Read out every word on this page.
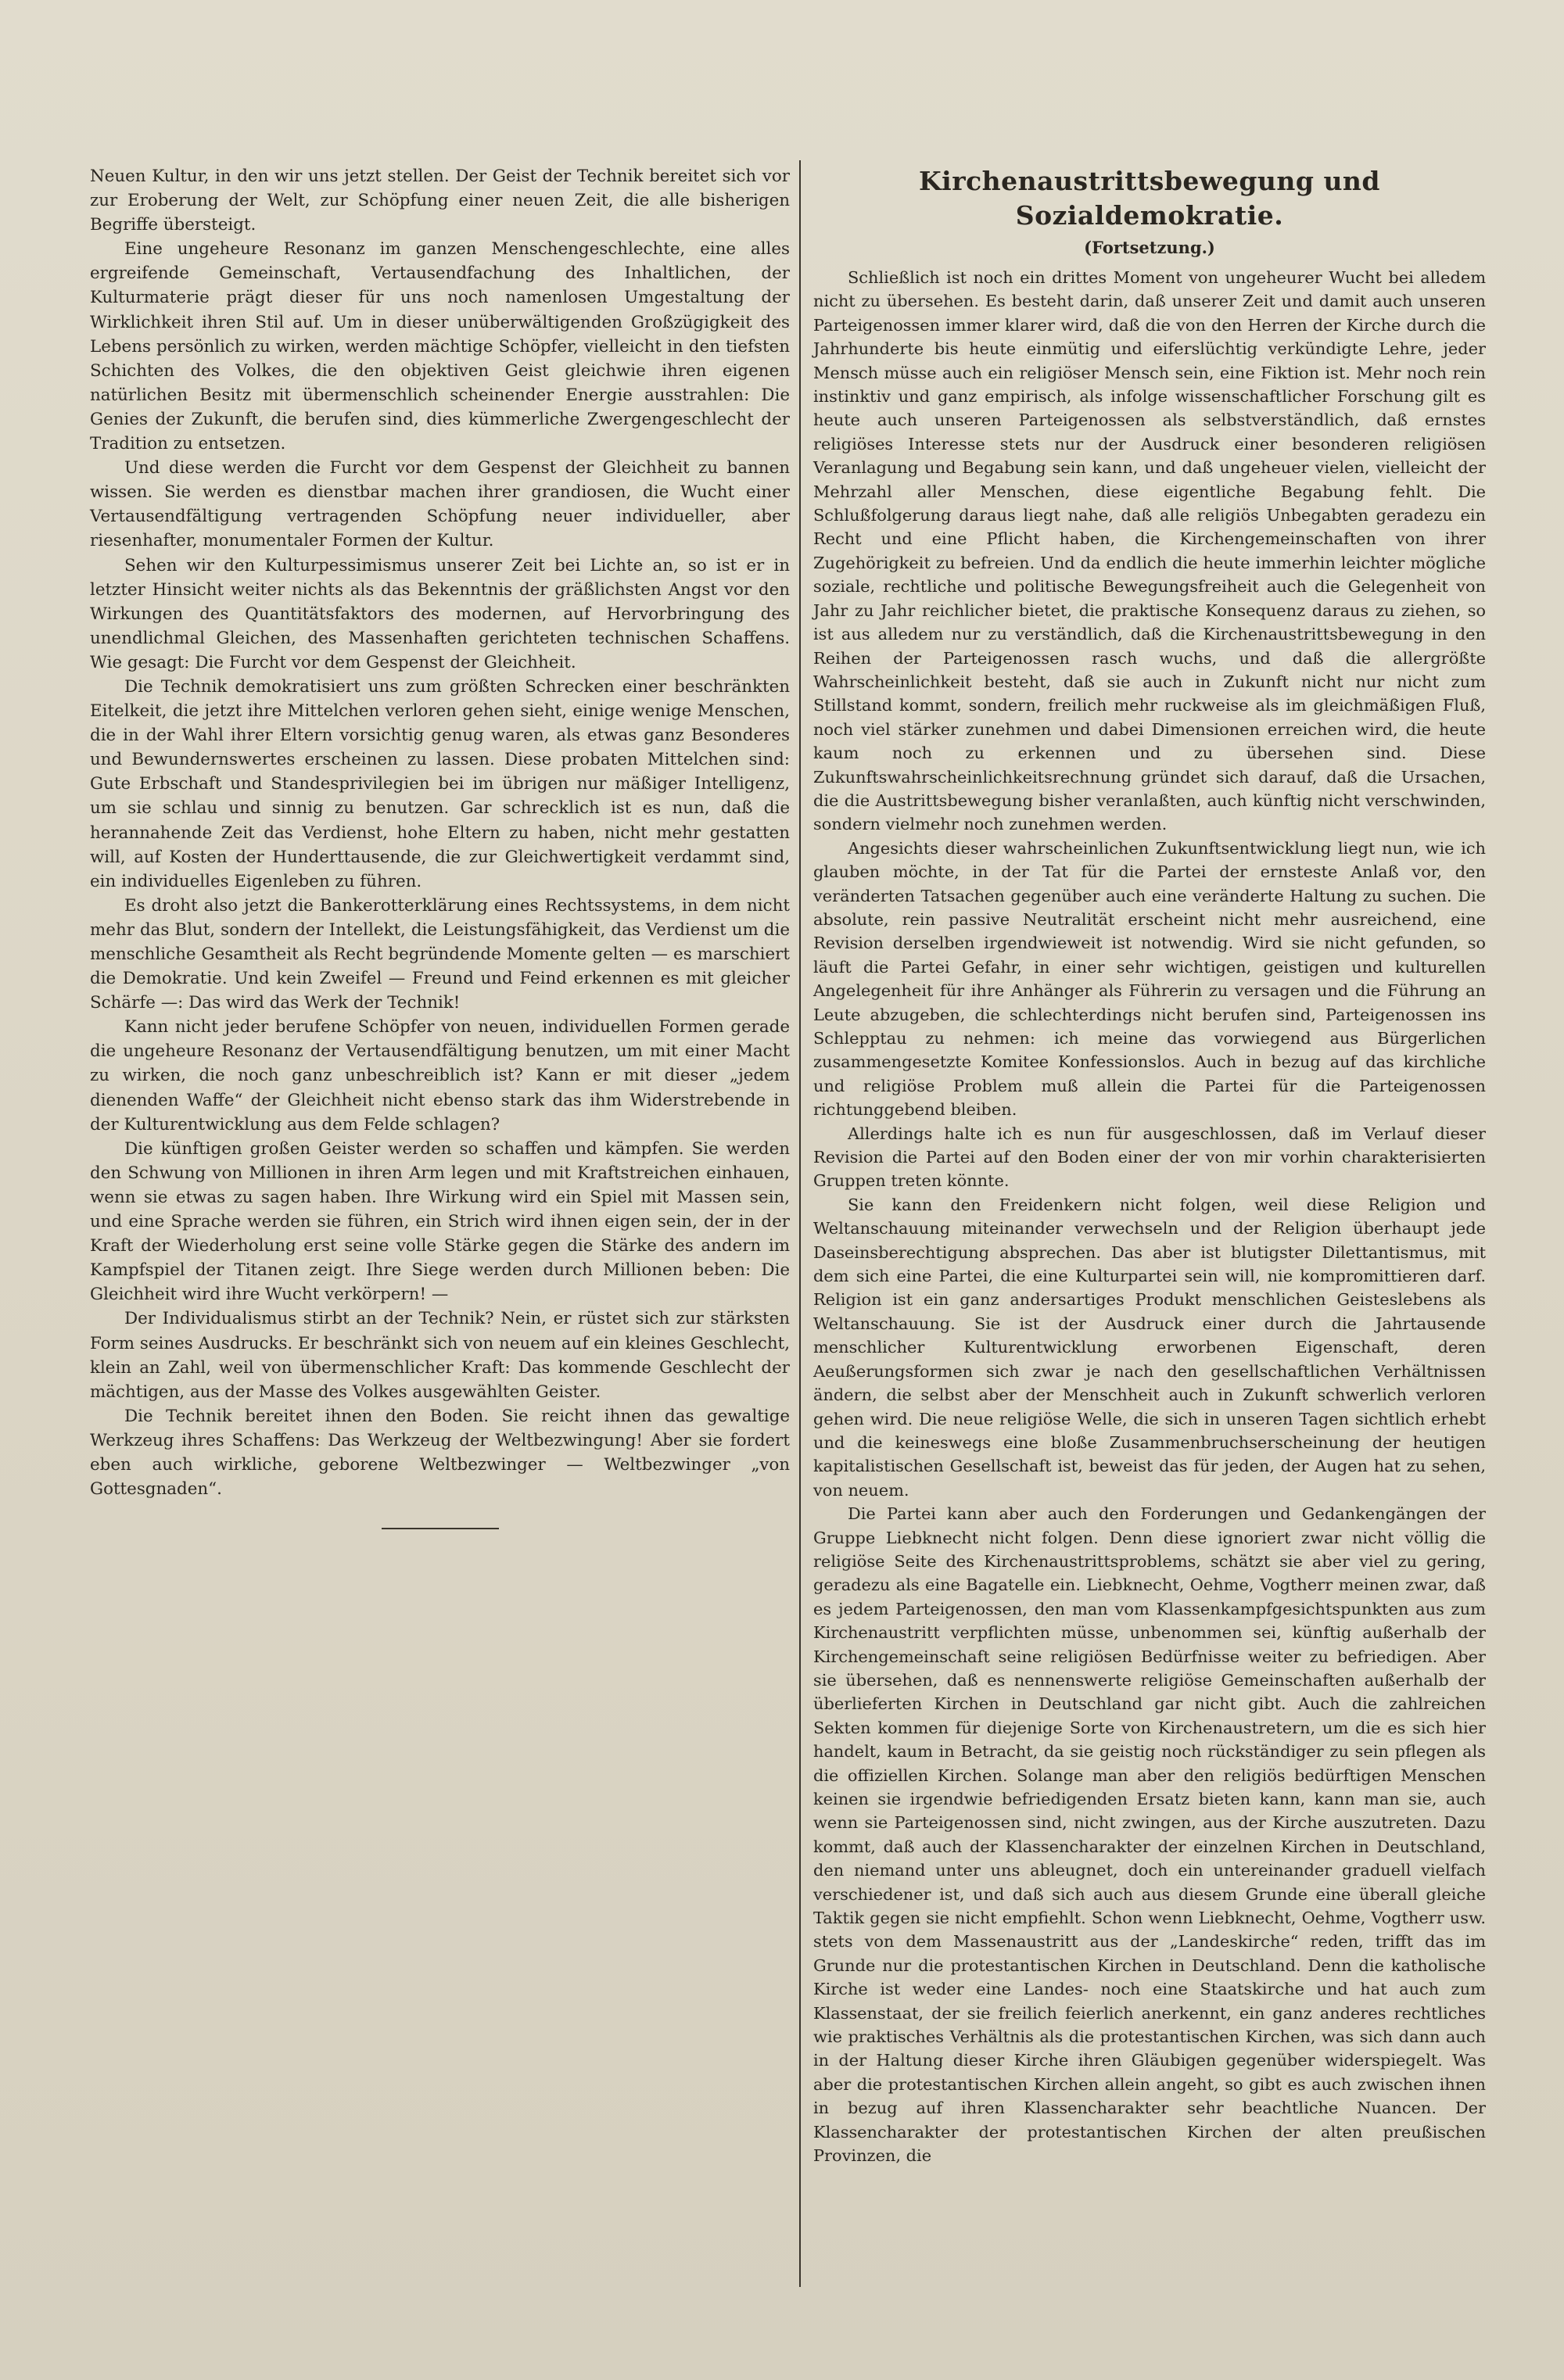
Neuen Kultur, in den wir uns jetzt stellen. Der Geist der Technik bereitet sich vor zur Eroberung der Welt, zur Schöpfung einer neuen Zeit, die alle bisherigen Begriffe übersteigt.

Eine ungeheure Resonanz im ganzen Menschengeschlechte, eine alles ergreifende Gemeinschaft, Vertausendfachung des Inhaltlichen, der Kulturmaterie prägt dieser für uns noch namenlosen Umgestaltung der Wirklichkeit ihren Stil auf. Um in dieser unüberwältigenden Großzügigkeit des Lebens persönlich zu wirken, werden mächtige Schöpfer, vielleicht in den tiefsten Schichten des Volkes, die den objektiven Geist gleichwie ihren eigenen natürlichen Besitz mit übermenschlich scheinender Energie ausstrahlen: Die Genies der Zukunft, die berufen sind, dies kümmerliche Zwergengeschlecht der Tradition zu entsetzen.

Und diese werden die Furcht vor dem Gespenst der Gleichheit zu bannen wissen. Sie werden es dienstbar machen ihrer grandiosen, die Wucht einer Vertausendfältigung vertragenden Schöpfung neuer individueller, aber riesenhafter, monumentaler Formen der Kultur.

Sehen wir den Kulturpessimismus unserer Zeit bei Lichte an, so ist er in letzter Hinsicht weiter nichts als das Bekenntnis der gräßlichsten Angst vor den Wirkungen des Quantitätsfaktors des modernen, auf Hervorbringung des unendlichmal Gleichen, des Massenhaften gerichteten technischen Schaffens. Wie gesagt: Die Furcht vor dem Gespenst der Gleichheit.

Die Technik demokratisiert uns zum größten Schrecken einer beschränkten Eitelkeit, die jetzt ihre Mittelchen verloren gehen sieht, einige wenige Menschen, die in der Wahl ihrer Eltern vorsichtig genug waren, als etwas ganz Besonderes und Bewundernswertes erscheinen zu lassen. Diese probaten Mittelchen sind: Gute Erbschaft und Standesprivilegien bei im übrigen nur mäßiger Intelligenz, um sie schlau und sinnig zu benutzen. Gar schrecklich ist es nun, daß die herannahende Zeit das Verdienst, hohe Eltern zu haben, nicht mehr gestatten will, auf Kosten der Hunderttausende, die zur Gleichwertigkeit verdammt sind, ein individuelles Eigenleben zu führen.

Es droht also jetzt die Bankerotterklärung eines Rechtssystems, in dem nicht mehr das Blut, sondern der Intellekt, die Leistungsfähigkeit, das Verdienst um die menschliche Gesamtheit als Recht begründende Momente gelten — es marschiert die Demokratie. Und kein Zweifel — Freund und Feind erkennen es mit gleicher Schärfe —: Das wird das Werk der Technik!

Kann nicht jeder berufene Schöpfer von neuen, individuellen Formen gerade die ungeheure Resonanz der Vertausendfältigung benutzen, um mit einer Macht zu wirken, die noch ganz unbeschreiblich ist? Kann er mit dieser „jedem dienenden Waffe“ der Gleichheit nicht ebenso stark das ihm Widerstrebende in der Kulturentwicklung aus dem Felde schlagen?

Die künftigen großen Geister werden so schaffen und kämpfen. Sie werden den Schwung von Millionen in ihren Arm legen und mit Kraftstreichen einhauen, wenn sie etwas zu sagen haben. Ihre Wirkung wird ein Spiel mit Massen sein, und eine Sprache werden sie führen, ein Strich wird ihnen eigen sein, der in der Kraft der Wiederholung erst seine volle Stärke gegen die Stärke des andern im Kampfspiel der Titanen zeigt. Ihre Siege werden durch Millionen beben: Die Gleichheit wird ihre Wucht verkörpern! —

Der Individualismus stirbt an der Technik? Nein, er rüstet sich zur stärksten Form seines Ausdrucks. Er beschränkt sich von neuem auf ein kleines Geschlecht, klein an Zahl, weil von übermenschlicher Kraft: Das kommende Geschlecht der mächtigen, aus der Masse des Volkes ausgewählten Geister.

Die Technik bereitet ihnen den Boden. Sie reicht ihnen das gewaltige Werkzeug ihres Schaffens: Das Werkzeug der Weltbezwingung! Aber sie fordert eben auch wirkliche, geborene Weltbezwinger — Weltbezwinger „von Gottesgnaden“.

Kirchenaustrittsbewegung und Sozialdemokratie.
(Fortsetzung.)

Schließlich ist noch ein drittes Moment von ungeheurer Wucht bei alledem nicht zu übersehen. Es besteht darin, daß unserer Zeit und damit auch unseren Parteigenossen immer klarer wird, daß die von den Herren der Kirche durch die Jahrhunderte bis heute einmütig und eiferslüchtig verkündigte Lehre, jeder Mensch müsse auch ein religiöser Mensch sein, eine Fiktion ist. Mehr noch rein instinktiv und ganz empirisch, als infolge wissenschaftlicher Forschung gilt es heute auch unseren Parteigenossen als selbstverständlich, daß ernstes religiöses Interesse stets nur der Ausdruck einer besonderen religiösen Veranlagung und Begabung sein kann, und daß ungeheuer vielen, vielleicht der Mehrzahl aller Menschen, diese eigentliche Begabung fehlt. Die Schlußfolgerung daraus liegt nahe, daß alle religiös Unbegabten geradezu ein Recht und eine Pflicht haben, die Kirchengemeinschaften von ihrer Zugehörigkeit zu befreien. Und da endlich die heute immerhin leichter mögliche soziale, rechtliche und politische Bewegungsfreiheit auch die Gelegenheit von Jahr zu Jahr reichlicher bietet, die praktische Konsequenz daraus zu ziehen, so ist aus alledem nur zu verständlich, daß die Kirchenaustrittsbewegung in den Reihen der Parteigenossen rasch wuchs, und daß die allergrößte Wahrscheinlichkeit besteht, daß sie auch in Zukunft nicht nur nicht zum Stillstand kommt, sondern, freilich mehr ruckweise als im gleichmäßigen Fluß, noch viel stärker zunehmen und dabei Dimensionen erreichen wird, die heute kaum noch zu erkennen und zu übersehen sind. Diese Zukunftswahrscheinlichkeitsrechnung gründet sich darauf, daß die Ursachen, die die Austrittsbewegung bisher veranlaßten, auch künftig nicht verschwinden, sondern vielmehr noch zunehmen werden.

Angesichts dieser wahrscheinlichen Zukunftsentwicklung liegt nun, wie ich glauben möchte, in der Tat für die Partei der ernsteste Anlaß vor, den veränderten Tatsachen gegenüber auch eine veränderte Haltung zu suchen. Die absolute, rein passive Neutralität erscheint nicht mehr ausreichend, eine Revision derselben irgendwieweit ist notwendig. Wird sie nicht gefunden, so läuft die Partei Gefahr, in einer sehr wichtigen, geistigen und kulturellen Angelegenheit für ihre Anhänger als Führerin zu versagen und die Führung an Leute abzugeben, die schlechterdings nicht berufen sind, Parteigenossen ins Schlepptau zu nehmen: ich meine das vorwiegend aus Bürgerlichen zusammengesetzte Komitee Konfessionslos. Auch in bezug auf das kirchliche und religiöse Problem muß allein die Partei für die Parteigenossen richtunggebend bleiben.

Allerdings halte ich es nun für ausgeschlossen, daß im Verlauf dieser Revision die Partei auf den Boden einer der von mir vorhin charakterisierten Gruppen treten könnte.

Sie kann den Freidenkern nicht folgen, weil diese Religion und Weltanschauung miteinander verwechseln und der Religion überhaupt jede Daseinsberechtigung absprechen. Das aber ist blutigster Dilettantismus, mit dem sich eine Partei, die eine Kulturpartei sein will, nie kompromittieren darf. Religion ist ein ganz andersartiges Produkt menschlichen Geisteslebens als Weltanschauung. Sie ist der Ausdruck einer durch die Jahrtausende menschlicher Kulturentwicklung erworbenen Eigenschaft, deren Aeußerungsformen sich zwar je nach den gesellschaftlichen Verhältnissen ändern, die selbst aber der Menschheit auch in Zukunft schwerlich verloren gehen wird. Die neue religiöse Welle, die sich in unseren Tagen sichtlich erhebt und die keineswegs eine bloße Zusammenbruchserscheinung der heutigen kapitalistischen Gesellschaft ist, beweist das für jeden, der Augen hat zu sehen, von neuem.

Die Partei kann aber auch den Forderungen und Gedankengängen der Gruppe Liebknecht nicht folgen. Denn diese ignoriert zwar nicht völlig die religiöse Seite des Kirchenaustrittsproblems, schätzt sie aber viel zu gering, geradezu als eine Bagatelle ein. Liebknecht, Oehme, Vogtherr meinen zwar, daß es jedem Parteigenossen, den man vom Klassenkampfgesichtspunkten aus zum Kirchenaustritt verpflichten müsse, unbenommen sei, künftig außerhalb der Kirchengemeinschaft seine religiösen Bedürfnisse weiter zu befriedigen. Aber sie übersehen, daß es nennenswerte religiöse Gemeinschaften außerhalb der überlieferten Kirchen in Deutschland gar nicht gibt. Auch die zahlreichen Sekten kommen für diejenige Sorte von Kirchenaustretern, um die es sich hier handelt, kaum in Betracht, da sie geistig noch rückständiger zu sein pflegen als die offiziellen Kirchen. Solange man aber den religiös bedürftigen Menschen keinen sie irgendwie befriedigenden Ersatz bieten kann, kann man sie, auch wenn sie Parteigenossen sind, nicht zwingen, aus der Kirche auszutreten. Dazu kommt, daß auch der Klassencharakter der einzelnen Kirchen in Deutschland, den niemand unter uns ableugnet, doch ein untereinander graduell vielfach verschiedener ist, und daß sich auch aus diesem Grunde eine überall gleiche Taktik gegen sie nicht empfiehlt. Schon wenn Liebknecht, Oehme, Vogtherr usw. stets von dem Massenaustritt aus der „Landeskirche“ reden, trifft das im Grunde nur die protestantischen Kirchen in Deutschland. Denn die katholische Kirche ist weder eine Landes- noch eine Staatskirche und hat auch zum Klassenstaat, der sie freilich feierlich anerkennt, ein ganz anderes rechtliches wie praktisches Verhältnis als die protestantischen Kirchen, was sich dann auch in der Haltung dieser Kirche ihren Gläubigen gegenüber widerspiegelt. Was aber die protestantischen Kirchen allein angeht, so gibt es auch zwischen ihnen in bezug auf ihren Klassencharakter sehr beachtliche Nuancen. Der Klassencharakter der protestantischen Kirchen der alten preußischen Provinzen, die
